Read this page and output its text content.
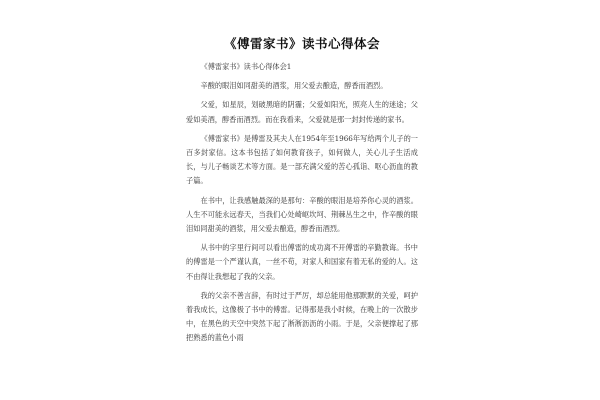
《傅雷家书》读书心得体会

《傅雷家书》读书心得体会1

辛酸的眼泪如同甜美的酒浆，用父爱去酿造，醇香而酒烈。

父爱，如星辰，划破黑暗的阴霾；父爱如阳光，照亮人生的迷途；父爱如美酒，醇香而酒烈。而在我看来，父爱就是那一封封传递的家书。

《傅雷家书》是傅雷及其夫人在1954年至1966年写给两个儿子的一百多封家信。这本书包括了如何教育孩子，如何做人，关心儿子生活成长，与儿子畅谈艺术等方面。是一部充满父爱的苦心孤诣、呕心沥血的教子篇。

在书中，让我感触最深的是那句：辛酸的眼泪是培养你心灵的酒浆。人生不可能永远春天，当我们心处崎岖坎坷、荆棘丛生之中，作辛酸的眼泪如同甜美的酒浆，用父爱去酿造，醇香而酒烈。

从书中的字里行间可以看出傅雷的成功离不开傅雷的辛勤教诲。书中的傅雷是一个严谨认真，一丝不苟，对家人和国家有着无私的爱的人。这不由得让我想起了我的父亲。

我的父亲不善言辞，有时过于严厉，却总能用他那默默的关爱，呵护着我成长，这像极了书中的傅雷。记得那是我小时候，在晚上的一次散步中，在黑色的天空中突然下起了淅淅沥沥的小雨。于是，父亲便撑起了那把熟悉的蓝色小雨
